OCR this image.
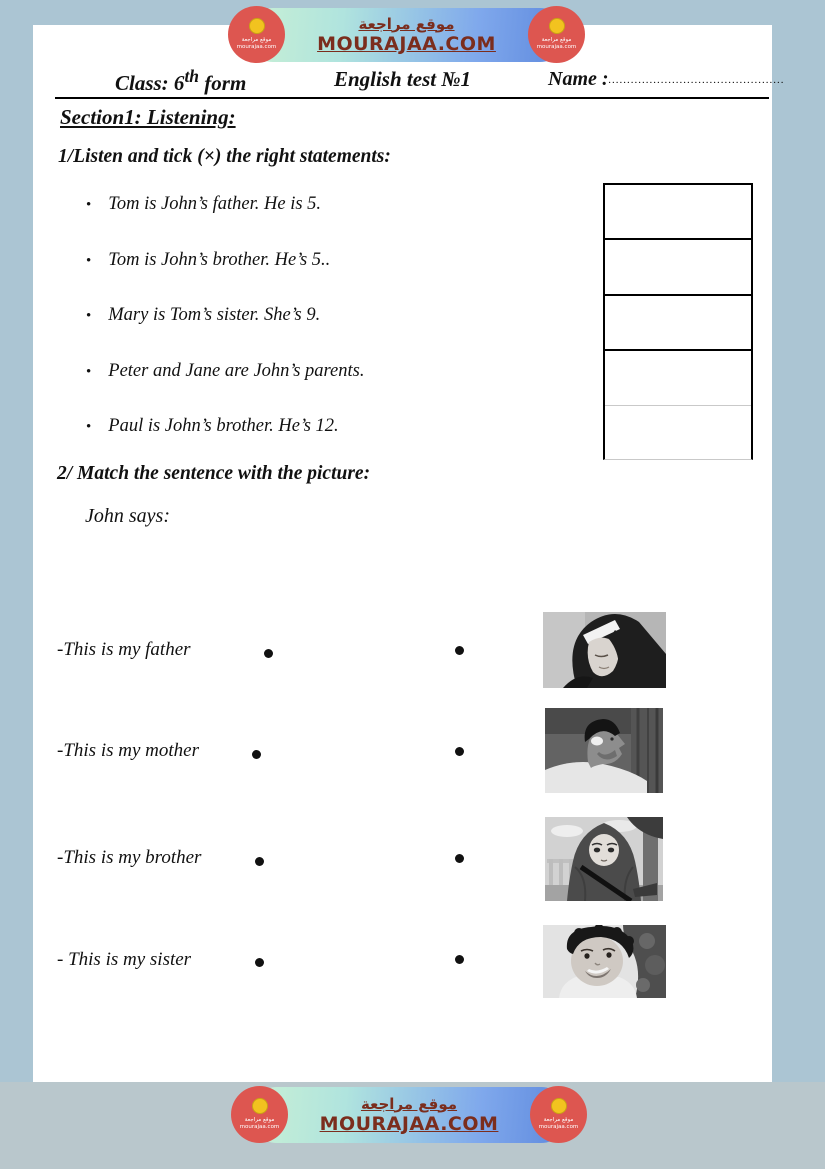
موقع مراجعة
MOURAJAA.COM
موقع مراجعة
mourajaa.com
موقع مراجعة
mourajaa.com
Class: 6th form	English test №1	Name :...............................................
Section1: Listening:
1/Listen and tick (×) the right statements:
• Tom is John’s father. He is 5.
• Tom is John’s brother. He’s 5..
• Mary is Tom’s sister. She’s 9.
• Peter and Jane are John’s parents.
• Paul is John’s brother. He’s 12.
2/ Match the sentence with the picture:
John says:
-This is my father
-This is my mother
-This is my brother
- This is my sister
موقع مراجعة
MOURAJAA.COM
موقع مراجعة
mourajaa.com
موقع مراجعة
mourajaa.com
